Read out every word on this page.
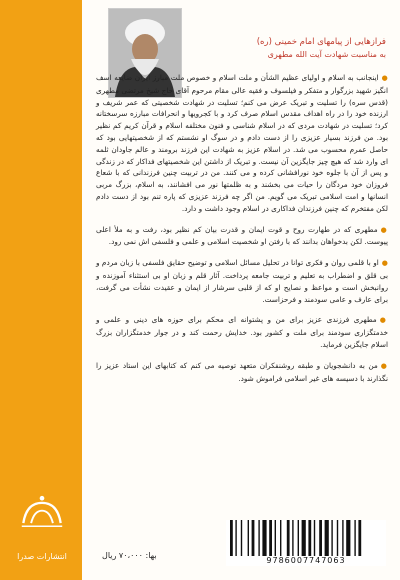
فرازهایی از پیامهای امام خمینی (ره)

به مناسبت شهادت آیت الله مطهری

● اینجانب به اسلام و اولیای عظیم الشأن و ملت اسلام و خصوص ملت مبارز ایران ضایعه اسف انگیز شهید بزرگوار و متفکر و فیلسوف و فقیه عالی مقام مرحوم آقای حاج شیخ مرتضی مطهری (قدس سره) را تسلیت و تبریک عرض می کنم؛ تسلیت در شهادت شخصیتی که عمر شریف و ارزنده خود را در راه اهداف مقدس اسلام صرف کرد و با کجرویها و انحرافات مبارزه سرسختانه کرد؛ تسلیت در شهادت مردی که در اسلام شناسی و فنون مختلفه اسلام و قرآن کریم کم نظیر بود. من فرزند بسیار عزیزی را از دست دادم و در سوگ او نشستم که از شخصیتهایی بود که حاصل عمرم محسوب می شد. در اسلام عزیز به شهادت این فرزند برومند و عالم جاودان ثلمه ای وارد شد که هیچ چیز جایگزین آن نیست. و تبریک از داشتن این شخصیتهای فداکار که در زندگی و پس از آن با جلوه خود نورافشانی کرده و می کنند. من در تربیت چنین فرزندانی که با شعاع فروزان خود مردگان را حیات می بخشند و به ظلمتها نور می افشانند، به اسلام، بزرگ مربی انسانها و امت اسلامی تبریک می گویم. من اگر چه فرزند عزیزی که پاره تنم بود از دست دادم لکن مفتخرم که چنین فرزندان فداکاری در اسلام وجود داشت و دارد.

● مطهری که در طهارت روح و قوت ایمان و قدرت بیان کم نظیر بود، رفت و به ملأ اعلی پیوست. لکن بدخواهان بدانند که با رفتن او شخصیت اسلامی و علمی و فلسفی اش نمی رود.

● او با قلمی روان و فکری توانا در تحلیل مسائل اسلامی و توضیح حقایق فلسفی با زبان مردم و بی قلق و اضطراب به تعلیم و تربیت جامعه پرداخت. آثار قلم و زبان او بی استثناء آموزنده و روانبخش است و مواعظ و نصایح او که از قلبی سرشار از ایمان و عقیدت نشأت می گرفت، برای عارف و عامی سودمند و فرحزاست.

● مطهری فرزندی عزیز برای من و پشتوانه ای محکم برای حوزه های دینی و علمی و خدمتگزاری سودمند برای ملت و کشور بود. خدایش رحمت کند و در جوار خدمتگزاران بزرگ اسلام جایگزین فرماید.

● من به دانشجویان و طبقه روشنفکران متعهد توصیه می کنم که کتابهای این استاد عزیز را نگذارند با دسیسه های غیر اسلامی فراموش شود.

انتشارات صدرا	بها: ۷۰،۰۰۰ ریال

9786007747063
